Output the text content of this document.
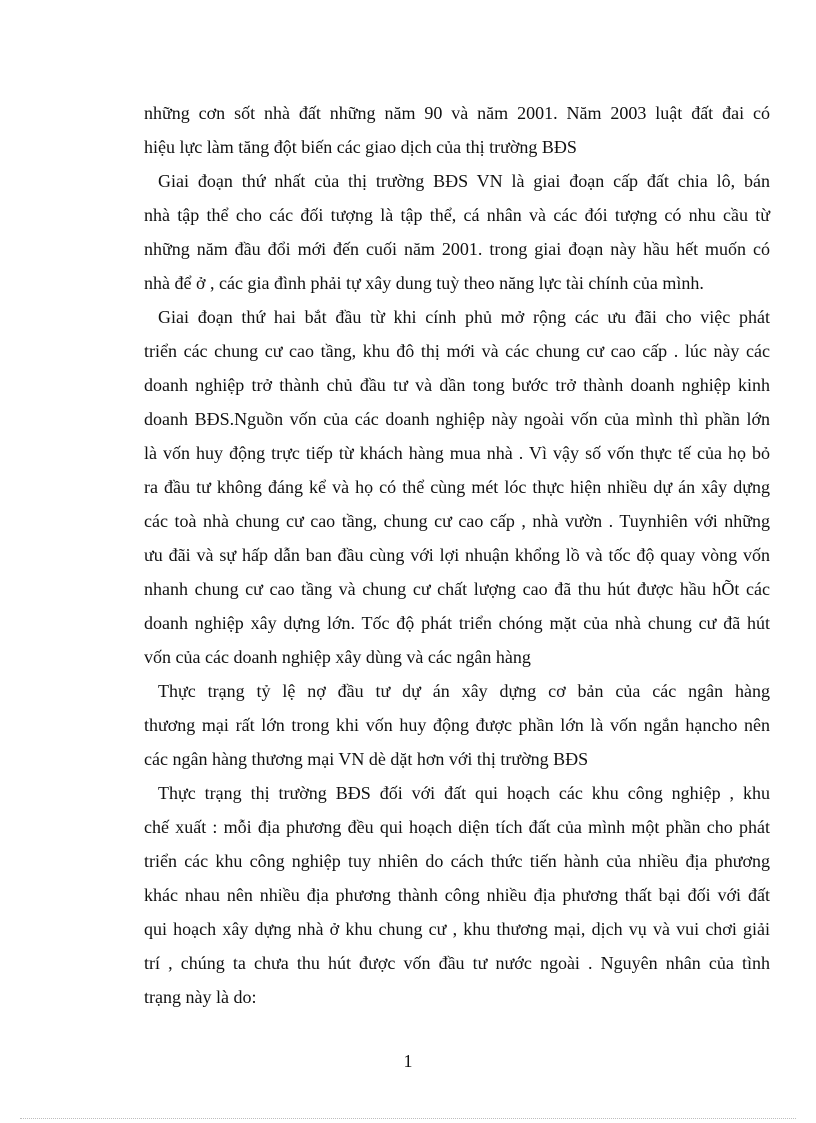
những cơn sốt nhà đất những năm 90 và năm 2001. Năm 2003 luật đất đai có
hiệu lực làm tăng đột biến các giao dịch của thị trường BĐS
Giai đoạn thứ nhất của thị trường BĐS VN là giai đoạn cấp đất chia lô, bán
nhà tập thể cho các đối tượng là tập thể, cá nhân và các đói tượng có nhu cầu từ
những năm đầu đổi mới đến cuối năm 2001. trong giai đoạn này hầu hết muốn có
nhà để ở , các gia đình phải tự xây dung tuỳ theo năng lực tài chính của mình.
Giai đoạn thứ hai bắt đầu từ khi cính phủ mở rộng các ưu đãi cho việc phát
triển các chung cư cao tầng, khu đô thị mới và các chung cư cao cấp . lúc này các
doanh nghiệp trở thành chủ đầu tư và dần tong bước trở thành doanh nghiệp kinh
doanh BĐS.Nguồn vốn của các doanh nghiệp này ngoài vốn của mình thì phần lớn
là vốn huy động trực tiếp từ khách hàng mua nhà . Vì vậy số vốn thực tế của họ bỏ
ra đầu tư không đáng kể và họ có thể cùng mét lóc thực hiện nhiều dự án xây dựng
các toà nhà chung cư cao tầng, chung cư cao cấp , nhà vườn . Tuynhiên với những
ưu đãi và sự hấp dẫn ban đầu cùng với lợi nhuận khổng lồ và tốc độ quay vòng vốn
nhanh chung cư cao tầng và chung cư chất lượng cao đã thu hút được hầu hÕt các
doanh nghiệp xây dựng lớn. Tốc độ phát triển chóng mặt của nhà chung cư đã hút
vốn của các doanh nghiệp xây dùng và các ngân hàng
Thực trạng tỷ lệ nợ đầu tư dự án xây dựng cơ bản của các ngân hàng
thương mại rất lớn trong khi vốn huy động được phần lớn là vốn ngắn hạncho nên
các ngân hàng thương mại VN dè dặt hơn với thị trường BĐS
Thực trạng thị trường BĐS đối với đất qui hoạch các khu công nghiệp , khu
chế xuất : mỗi địa phương đều qui hoạch diện tích đất của mình một phần cho phát
triển các khu công nghiệp tuy nhiên do cách thức tiến hành của nhiều địa phương
khác nhau nên nhiều địa phương thành công nhiều địa phương thất bại đối với đất
qui hoạch xây dựng nhà ở khu chung cư , khu thương mại, dịch vụ và vui chơi giải
trí , chúng ta chưa thu hút được vốn đầu tư nước ngoài . Nguyên nhân của tình
trạng này là do:
1
